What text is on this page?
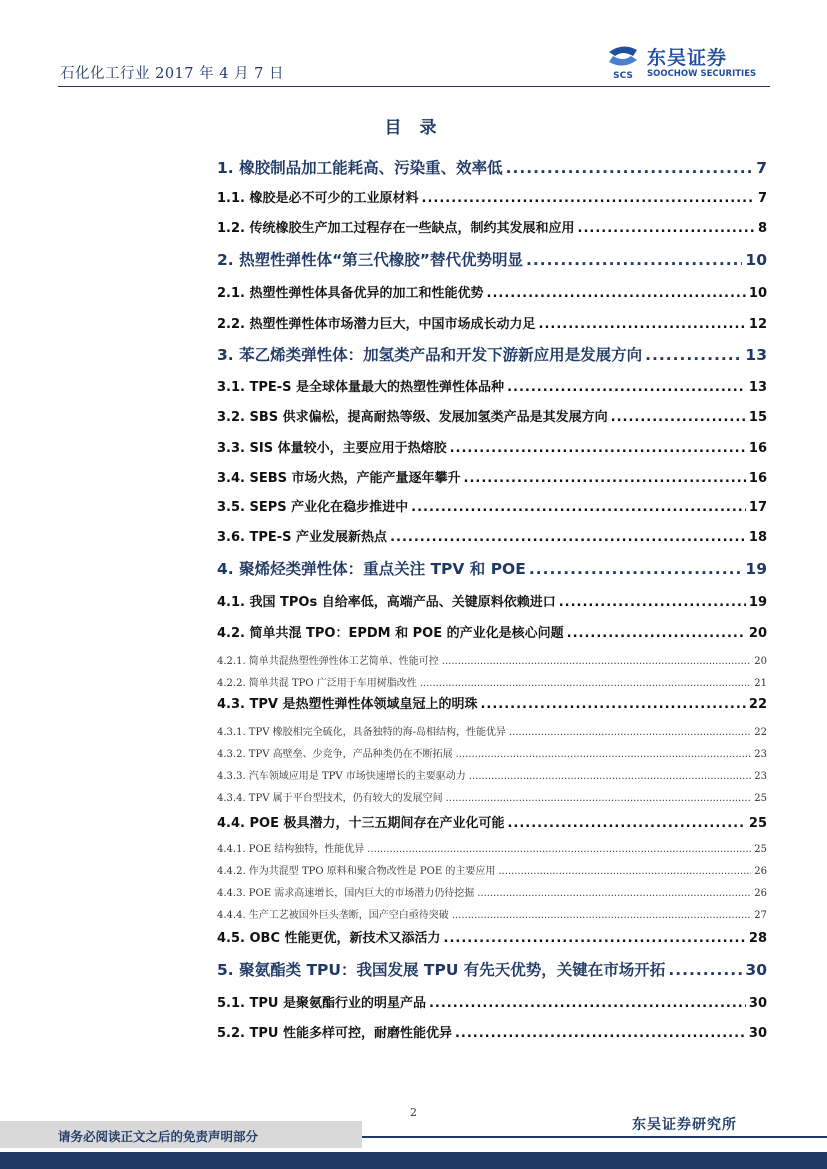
石化化工行业 2017 年 4 月 7 日	SCS
东吴证券
SOOCHOW SECURITIES
目 录
1. 橡胶制品加工能耗高、污染重、效率低 .....	7
1.1. 橡胶是必不可少的工业原材料 .....	7
1.2. 传统橡胶生产加工过程存在一些缺点，制约其发展和应用 .....	8
2. 热塑性弹性体“第三代橡胶”替代优势明显 .....	10
2.1. 热塑性弹性体具备优异的加工和性能优势 .....	10
2.2. 热塑性弹性体市场潜力巨大，中国市场成长动力足 .....	12
3. 苯乙烯类弹性体：加氢类产品和开发下游新应用是发展方向 .....	13
3.1. TPE-S 是全球体量最大的热塑性弹性体品种 .....	13
3.2. SBS 供求偏松，提高耐热等级、发展加氢类产品是其发展方向 .....	15
3.3. SIS 体量较小，主要应用于热熔胶 .....	16
3.4. SEBS 市场火热，产能产量逐年攀升 .....	16
3.5. SEPS 产业化在稳步推进中 .....	17
3.6. TPE-S 产业发展新热点 .....	18
4. 聚烯烃类弹性体：重点关注 TPV 和 POE .....	19
4.1. 我国 TPOs 自给率低，高端产品、关键原料依赖进口 .....	19
4.2. 简单共混 TPO：EPDM 和 POE 的产业化是核心问题 .....	20
4.2.1. 简单共混热塑性弹性体工艺简单、性能可控 .....	20
4.2.2. 简单共混 TPO 广泛用于车用树脂改性 .....	21
4.3. TPV 是热塑性弹性体领域皇冠上的明珠 .....	22
4.3.1. TPV 橡胶相完全硫化，具备独特的海-岛相结构，性能优异 .....	22
4.3.2. TPV 高壁垒、少竞争，产品种类仍在不断拓展 .....	23
4.3.3. 汽车领域应用是 TPV 市场快速增长的主要驱动力 .....	23
4.3.4. TPV 属于平台型技术，仍有较大的发展空间 .....	25
4.4. POE 极具潜力，十三五期间存在产业化可能 .....	25
4.4.1. POE 结构独特，性能优异 .....	25
4.4.2. 作为共混型 TPO 原料和聚合物改性是 POE 的主要应用 .....	26
4.4.3. POE 需求高速增长，国内巨大的市场潜力仍待挖掘 .....	26
4.4.4. 生产工艺被国外巨头垄断，国产空白亟待突破 .....	27
4.5. OBC 性能更优，新技术又添活力 .....	28
5. 聚氨酯类 TPU：我国发展 TPU 有先天优势，关键在市场开拓 .....	30
5.1. TPU 是聚氨酯行业的明星产品 .....	30
5.2. TPU 性能多样可控，耐磨性能优异 .....	30
2
请务必阅读正文之后的免责声明部分
东吴证券研究所
